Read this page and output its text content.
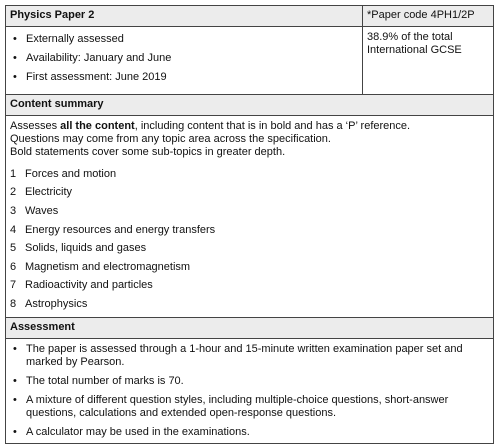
Physics Paper 2	*Paper code 4PH1/2P
• Externally assessed
• Availability: January and June
• First assessment: June 2019
38.9% of the total International GCSE
Content summary

Assesses all the content, including content that is in bold and has a ‘P’ reference.

Questions may come from any topic area across the specification.

Bold statements cover some sub-topics in greater depth.

1 Forces and motion
2 Electricity
3 Waves
4 Energy resources and energy transfers
5 Solids, liquids and gases
6 Magnetism and electromagnetism
7 Radioactivity and particles
8 Astrophysics
Assessment
• The paper is assessed through a 1-hour and 15-minute written examination paper set and marked by Pearson.
• The total number of marks is 70.
• A mixture of different question styles, including multiple-choice questions, short-answer questions, calculations and extended open-response questions.
• A calculator may be used in the examinations.
